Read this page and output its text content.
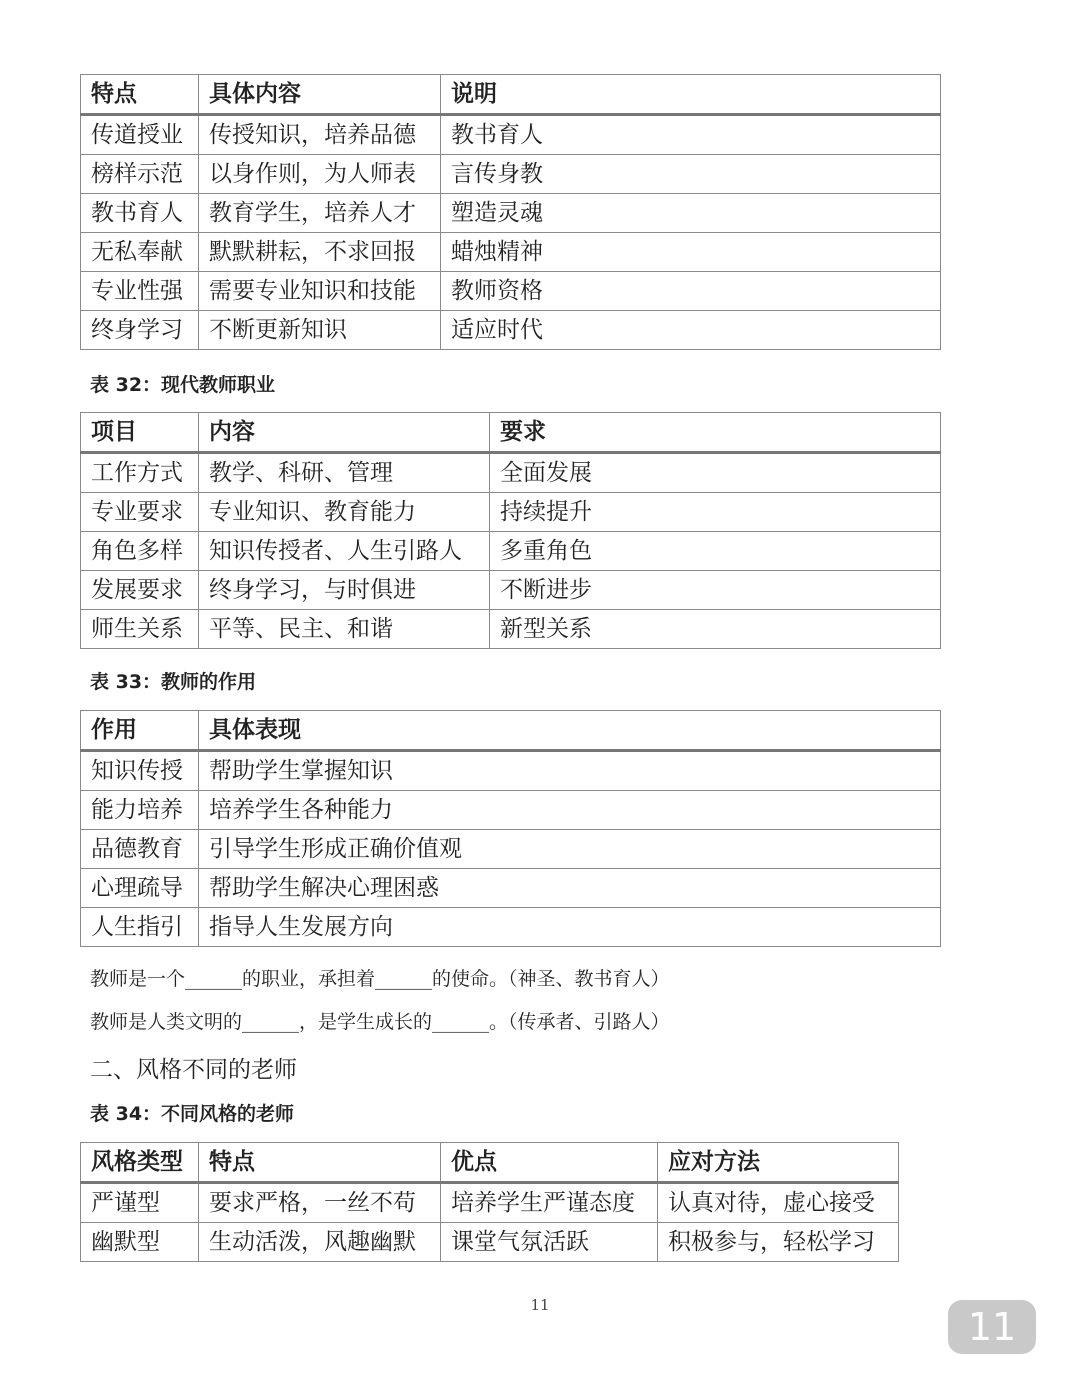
特点	具体内容	说明
传道授业	传授知识，培养品德	教书育人
榜样示范	以身作则，为人师表	言传身教
教书育人	教育学生，培养人才	塑造灵魂
无私奉献	默默耕耘，不求回报	蜡烛精神
专业性强	需要专业知识和技能	教师资格
终身学习	不断更新知识	适应时代
表 32：现代教师职业
项目	内容	要求
工作方式	教学、科研、管理	全面发展
专业要求	专业知识、教育能力	持续提升
角色多样	知识传授者、人生引路人	多重角色
发展要求	终身学习，与时俱进	不断进步
师生关系	平等、民主、和谐	新型关系
表 33：教师的作用
作用	具体表现
知识传授	帮助学生掌握知识
能力培养	培养学生各种能力
品德教育	引导学生形成正确价值观
心理疏导	帮助学生解决心理困惑
人生指引	指导人生发展方向
教师是一个______的职业，承担着______的使命。（神圣、教书育人）
教师是人类文明的______，是学生成长的______。（传承者、引路人）
二、风格不同的老师
表 34：不同风格的老师
风格类型	特点	优点	应对方法
严谨型	要求严格，一丝不苟	培养学生严谨态度	认真对待，虚心接受
幽默型	生动活泼，风趣幽默	课堂气氛活跃	积极参与，轻松学习
11	11
